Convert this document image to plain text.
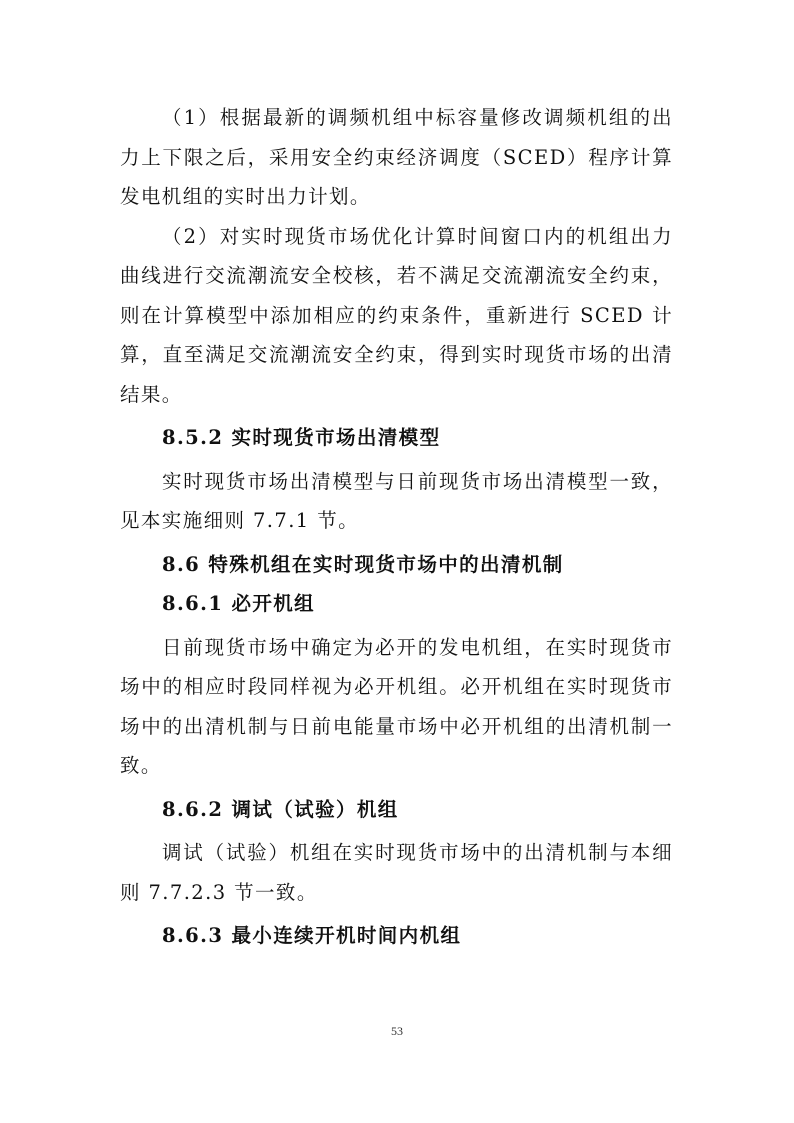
（1）根据最新的调频机组中标容量修改调频机组的出力上下限之后，采用安全约束经济调度（SCED）程序计算发电机组的实时出力计划。

（2）对实时现货市场优化计算时间窗口内的机组出力曲线进行交流潮流安全校核，若不满足交流潮流安全约束，则在计算模型中添加相应的约束条件，重新进行 SCED 计算，直至满足交流潮流安全约束，得到实时现货市场的出清结果。

8.5.2 实时现货市场出清模型

实时现货市场出清模型与日前现货市场出清模型一致，见本实施细则 7.7.1 节。

8.6 特殊机组在实时现货市场中的出清机制

8.6.1 必开机组

日前现货市场中确定为必开的发电机组，在实时现货市场中的相应时段同样视为必开机组。必开机组在实时现货市场中的出清机制与日前电能量市场中必开机组的出清机制一致。

8.6.2 调试（试验）机组

调试（试验）机组在实时现货市场中的出清机制与本细则 7.7.2.3 节一致。

8.6.3 最小连续开机时间内机组

53
